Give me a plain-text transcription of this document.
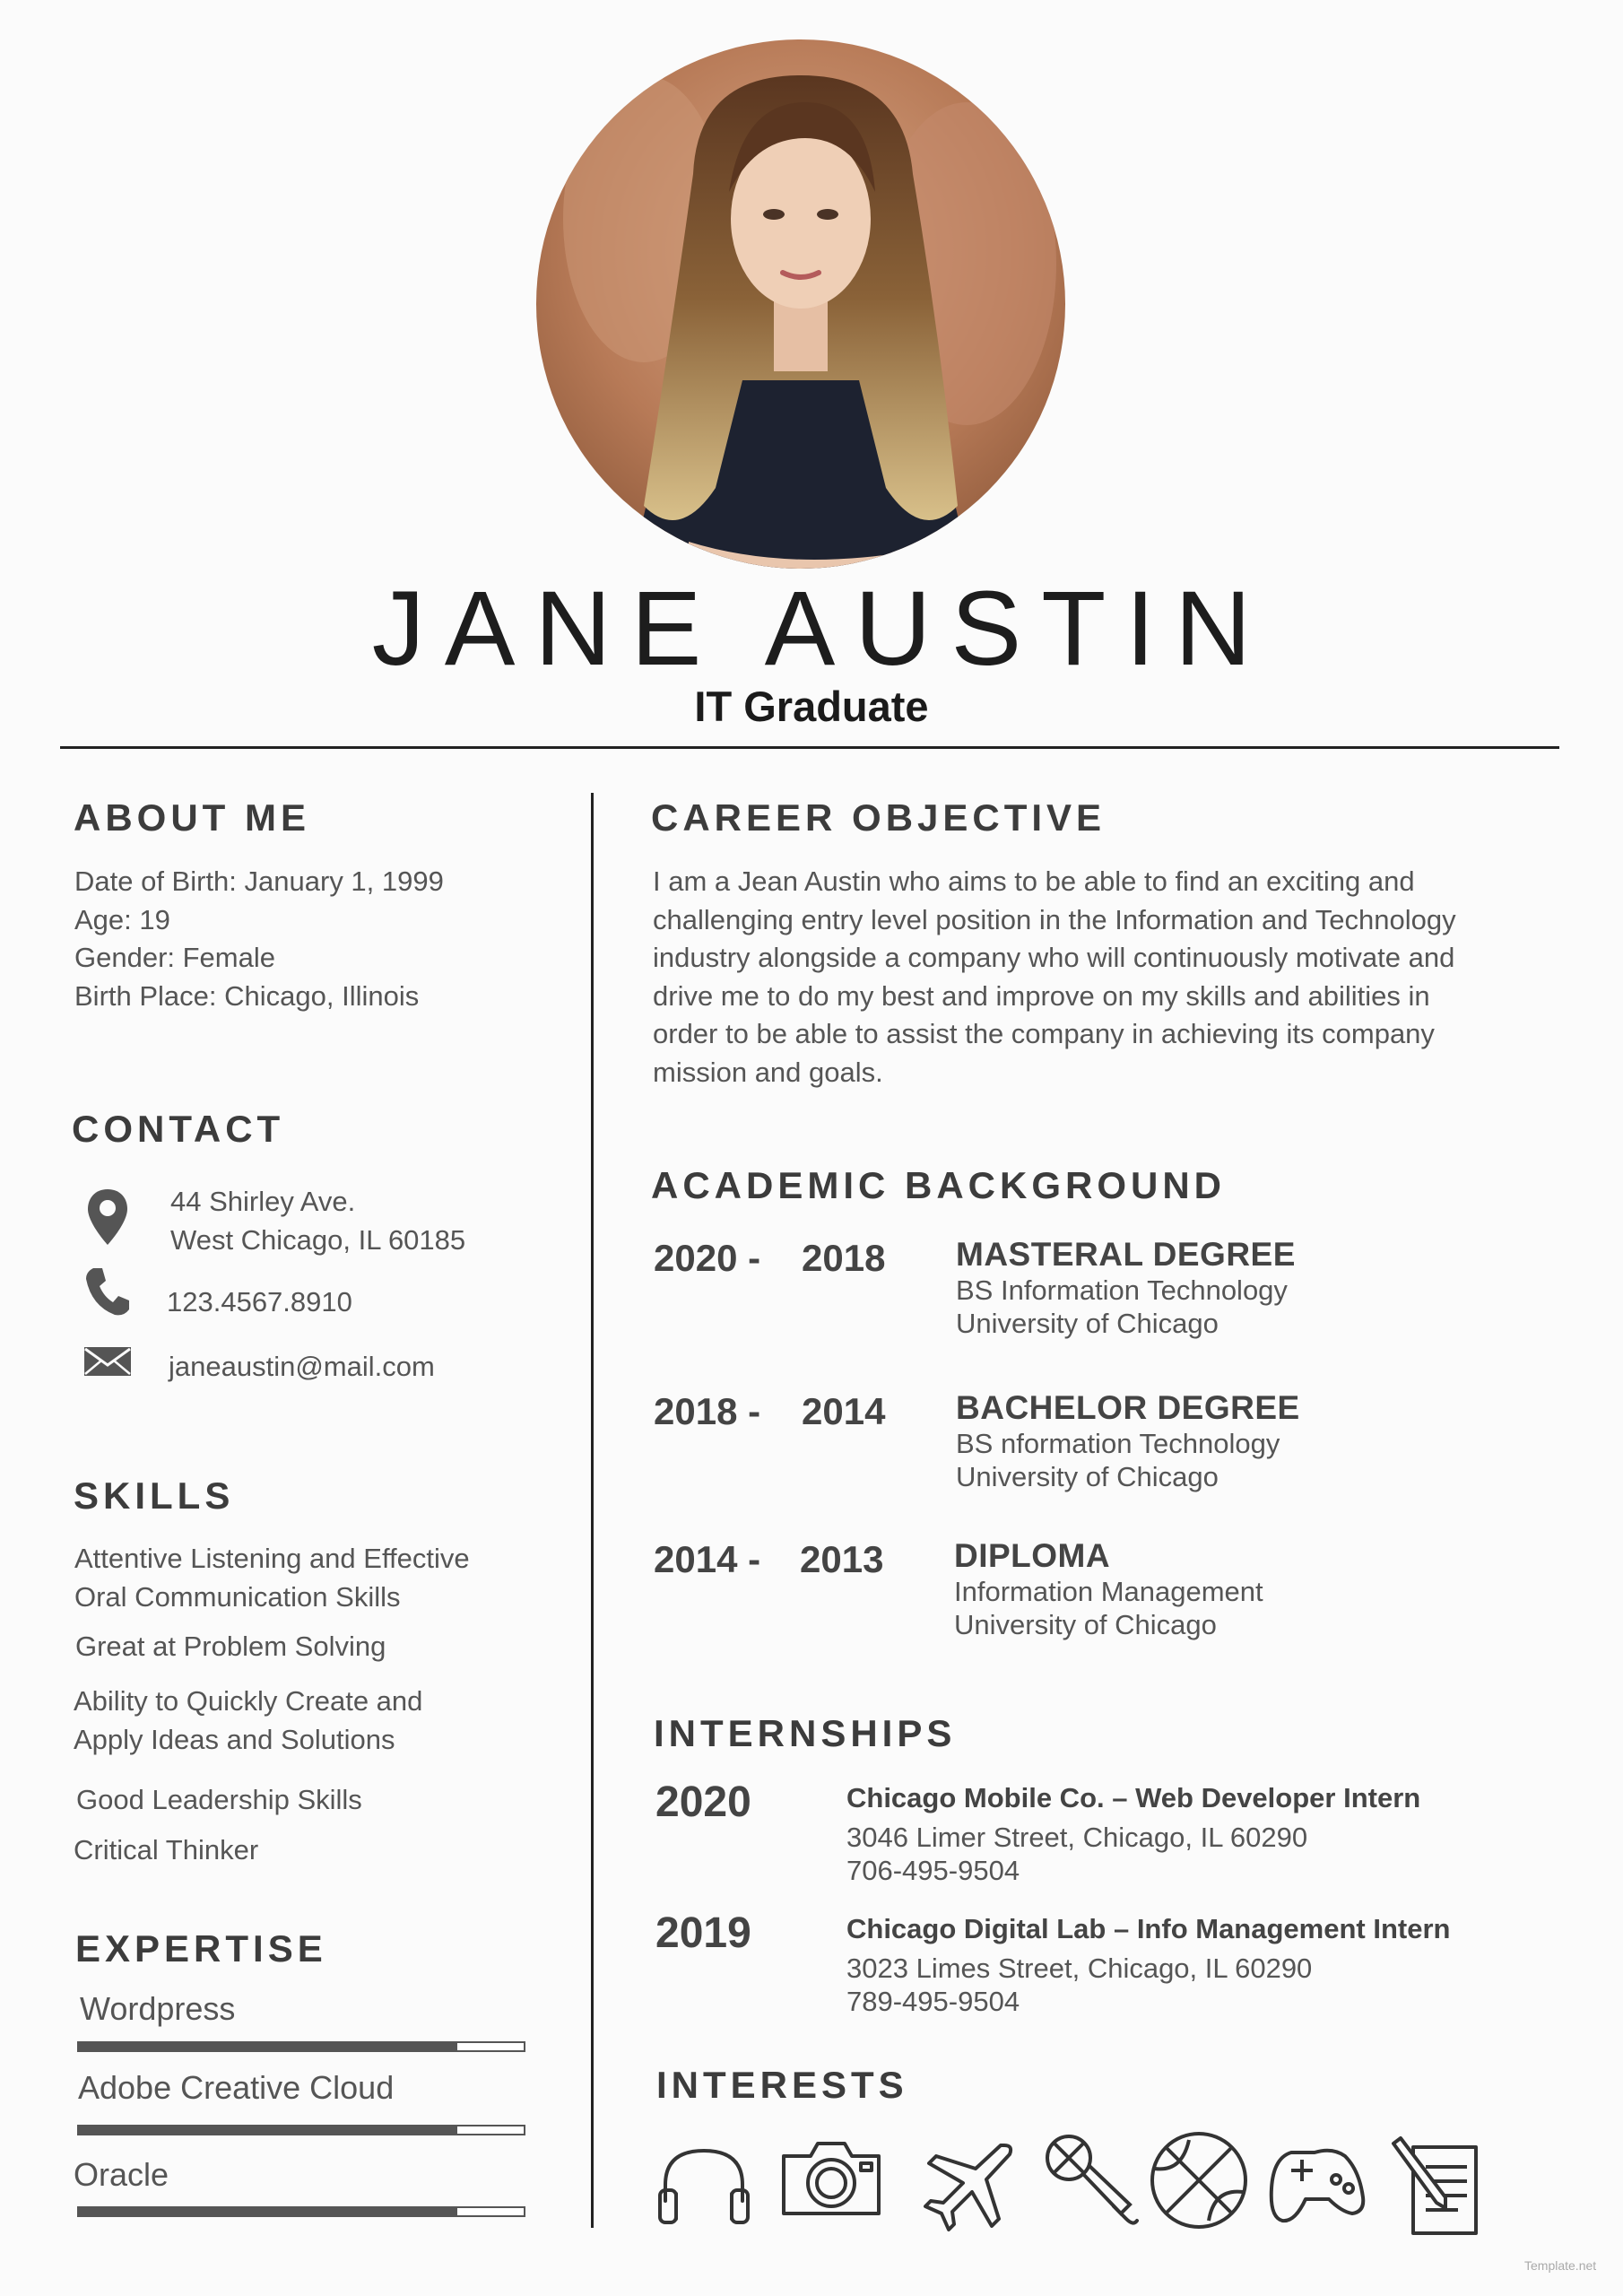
JANE AUSTIN
IT Graduate
ABOUT ME
Date of Birth: January 1, 1999
Age: 19
Gender: Female
Birth Place: Chicago, Illinois
CONTACT
44 Shirley Ave.
West Chicago, IL 60185
123.4567.8910
janeaustin@mail.com
SKILLS
Attentive Listening and Effective
Oral Communication Skills
Great at Problem Solving
Ability to Quickly Create and
Apply Ideas and Solutions
Good Leadership Skills
Critical Thinker
EXPERTISE
Wordpress
Adobe Creative Cloud
Oracle
CAREER OBJECTIVE
I am a Jean Austin who aims to be able to find an exciting and
challenging entry level position in the Information and Technology
industry alongside a company who will continuously motivate and
drive me to do my best and improve on my skills and abilities in
order to be able to assist the company in achieving its company
mission and goals.
ACADEMIC BACKGROUND
2020 - 2018 MASTERAL DEGREE
BS Information Technology
University of Chicago
2018 - 2014 BACHELOR DEGREE
BS nformation Technology
University of Chicago
2014 - 2013 DIPLOMA
Information Management
University of Chicago
INTERNSHIPS
2020	Chicago Mobile Co. – Web Developer Intern
3046 Limer Street, Chicago, IL 60290
706-495-9504
2019	Chicago Digital Lab – Info Management Intern
3023 Limes Street, Chicago, IL 60290
789-495-9504
INTERESTS
Template.net
